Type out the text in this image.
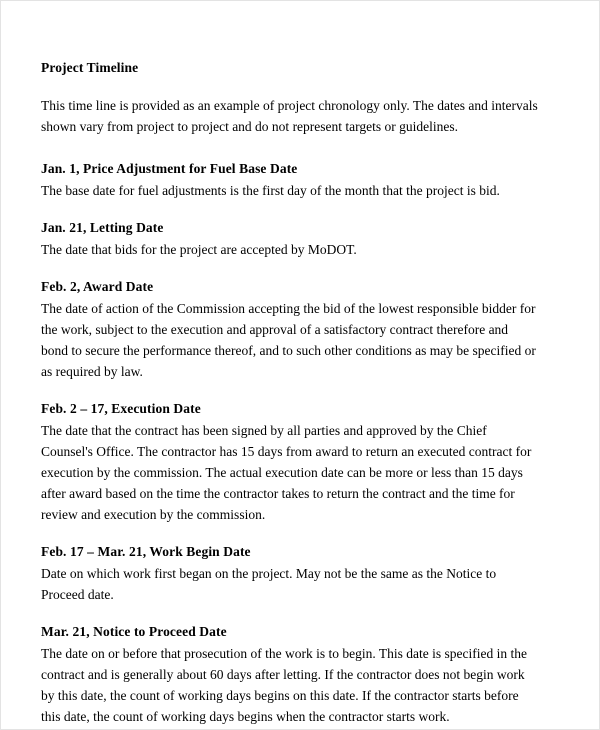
Project Timeline

This time line is provided as an example of project chronology only. The dates and intervals shown vary from project to project and do not represent targets or guidelines.

Jan. 1, Price Adjustment for Fuel Base Date

The base date for fuel adjustments is the first day of the month that the project is bid.

Jan. 21, Letting Date

The date that bids for the project are accepted by MoDOT.

Feb. 2, Award Date

The date of action of the Commission accepting the bid of the lowest responsible bidder for the work, subject to the execution and approval of a satisfactory contract therefore and bond to secure the performance thereof, and to such other conditions as may be specified or as required by law.

Feb. 2 – 17, Execution Date

The date that the contract has been signed by all parties and approved by the Chief Counsel's Office. The contractor has 15 days from award to return an executed contract for execution by the commission. The actual execution date can be more or less than 15 days after award based on the time the contractor takes to return the contract and the time for review and execution by the commission.

Feb. 17 – Mar. 21, Work Begin Date

Date on which work first began on the project. May not be the same as the Notice to Proceed date.

Mar. 21, Notice to Proceed Date

The date on or before that prosecution of the work is to begin. This date is specified in the contract and is generally about 60 days after letting. If the contractor does not begin work by this date, the count of working days begins on this date. If the contractor starts before this date, the count of working days begins when the contractor starts work.
